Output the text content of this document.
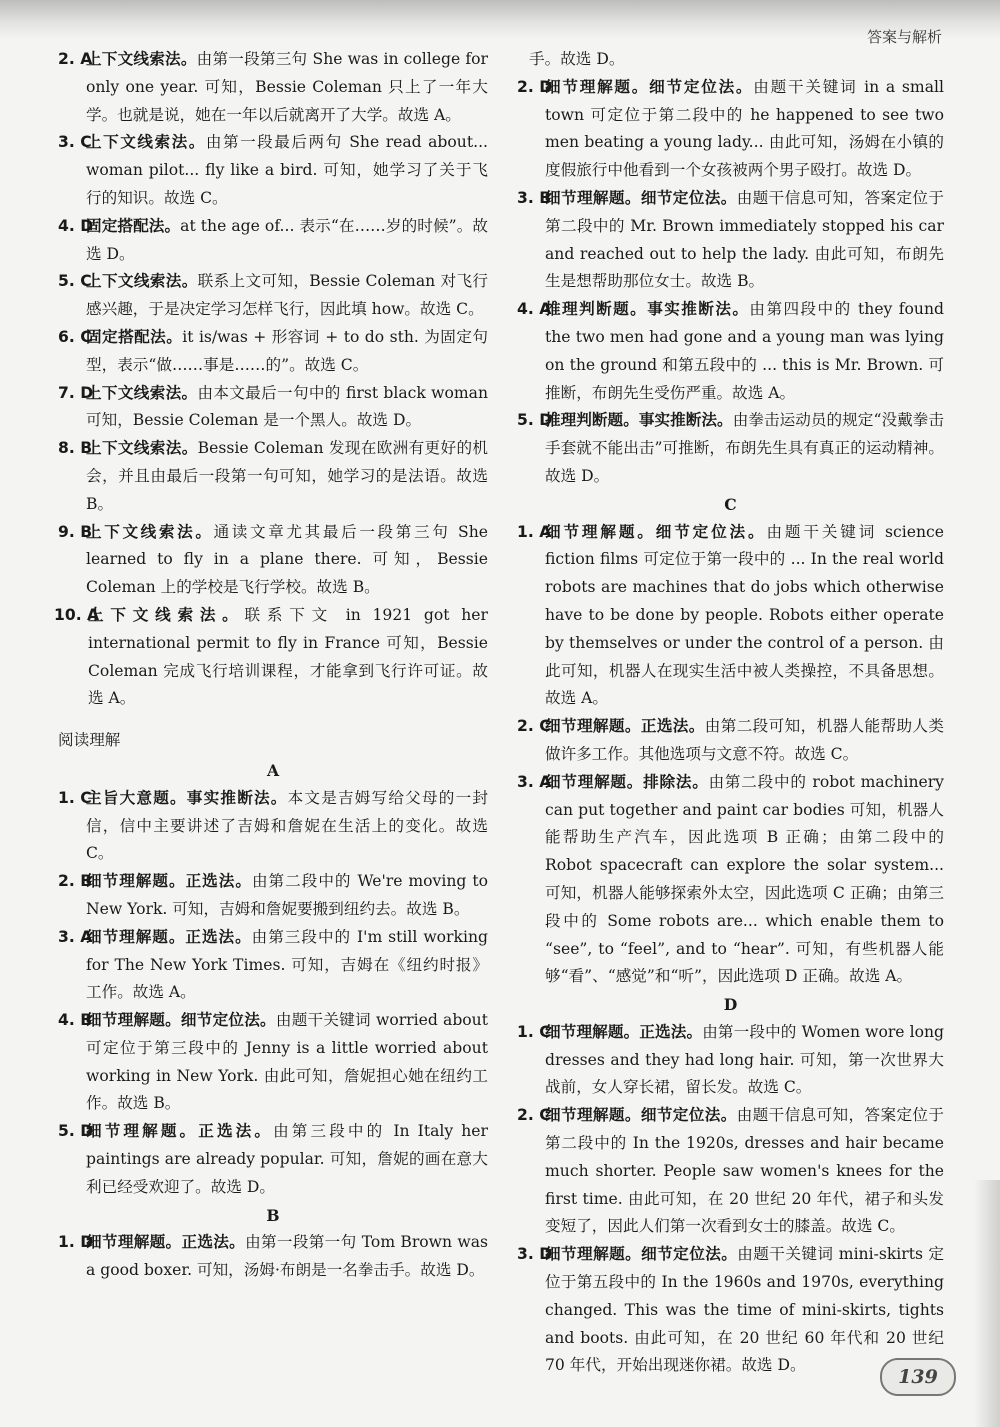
答案与解析
2. A
上下文线索法。由第一段第三句 She was in college for only one year. 可知，Bessie Coleman 只上了一年大学。也就是说，她在一年以后就离开了大学。故选 A。
3. C
上下文线索法。由第一段最后两句 She read about... woman pilot... fly like a bird. 可知，她学习了关于飞行的知识。故选 C。
4. D
固定搭配法。at the age of... 表示“在……岁的时候”。故选 D。
5. C
上下文线索法。联系上文可知，Bessie Coleman 对飞行感兴趣，于是决定学习怎样飞行，因此填 how。故选 C。
6. C
固定搭配法。it is/was + 形容词 + to do sth. 为固定句型，表示“做……事是……的”。故选 C。
7. D
上下文线索法。由本文最后一句中的 first black woman 可知，Bessie Coleman 是一个黑人。故选 D。
8. B
上下文线索法。Bessie Coleman 发现在欧洲有更好的机会，并且由最后一段第一句可知，她学习的是法语。故选 B。
9. B
上下文线索法。通读文章尤其最后一段第三句 She learned to fly in a plane there. 可知，Bessie Coleman 上的学校是飞行学校。故选 B。
10. A
上下文线索法。联系下文 in 1921 got her international permit to fly in France 可知，Bessie Coleman 完成飞行培训课程，才能拿到飞行许可证。故选 A。
阅读理解
A
1. C
主旨大意题。事实推断法。本文是吉姆写给父母的一封信，信中主要讲述了吉姆和詹妮在生活上的变化。故选 C。
2. B
细节理解题。正选法。由第二段中的 We're moving to New York. 可知，吉姆和詹妮要搬到纽约去。故选 B。
3. A
细节理解题。正选法。由第三段中的 I'm still working for The New York Times. 可知，吉姆在《纽约时报》工作。故选 A。
4. B
细节理解题。细节定位法。由题干关键词 worried about 可定位于第三段中的 Jenny is a little worried about working in New York. 由此可知，詹妮担心她在纽约工作。故选 B。
5. D
细节理解题。正选法。由第三段中的 In Italy her paintings are already popular. 可知，詹妮的画在意大利已经受欢迎了。故选 D。
B
1. D
细节理解题。正选法。由第一段第一句 Tom Brown was a good boxer. 可知，汤姆·布朗是一名拳击手。故选 D。
手。故选 D。
2. D
细节理解题。细节定位法。由题干关键词 in a small town 可定位于第二段中的 he happened to see two men beating a young lady... 由此可知，汤姆在小镇的度假旅行中他看到一个女孩被两个男子殴打。故选 D。
3. B
细节理解题。细节定位法。由题干信息可知，答案定位于第二段中的 Mr. Brown immediately stopped his car and reached out to help the lady. 由此可知，布朗先生是想帮助那位女士。故选 B。
4. A
推理判断题。事实推断法。由第四段中的 they found the two men had gone and a young man was lying on the ground 和第五段中的 ... this is Mr. Brown. 可推断，布朗先生受伤严重。故选 A。
5. D
推理判断题。事实推断法。由拳击运动员的规定“没戴拳击手套就不能出击”可推断，布朗先生具有真正的运动精神。故选 D。
C
1. A
细节理解题。细节定位法。由题干关键词 science fiction films 可定位于第一段中的 ... In the real world robots are machines that do jobs which otherwise have to be done by people. Robots either operate by themselves or under the control of a person. 由此可知，机器人在现实生活中被人类操控，不具备思想。故选 A。
2. C
细节理解题。正选法。由第二段可知，机器人能帮助人类做许多工作。其他选项与文意不符。故选 C。
3. A
细节理解题。排除法。由第二段中的 robot machinery can put together and paint car bodies 可知，机器人能帮助生产汽车，因此选项 B 正确；由第二段中的 Robot spacecraft can explore the solar system... 可知，机器人能够探索外太空，因此选项 C 正确；由第三段中的 Some robots are... which enable them to “see”, to “feel”, and to “hear”. 可知，有些机器人能够“看”、“感觉”和“听”，因此选项 D 正确。故选 A。
D
1. C
细节理解题。正选法。由第一段中的 Women wore long dresses and they had long hair. 可知，第一次世界大战前，女人穿长裙，留长发。故选 C。
2. C
细节理解题。细节定位法。由题干信息可知，答案定位于第二段中的 In the 1920s, dresses and hair became much shorter. People saw women's knees for the first time. 由此可知，在 20 世纪 20 年代，裙子和头发变短了，因此人们第一次看到女士的膝盖。故选 C。
3. D
细节理解题。细节定位法。由题干关键词 mini-skirts 定位于第五段中的 In the 1960s and 1970s, everything changed. This was the time of mini-skirts, tights and boots. 由此可知，在 20 世纪 60 年代和 20 世纪 70 年代，开始出现迷你裙。故选 D。
139
